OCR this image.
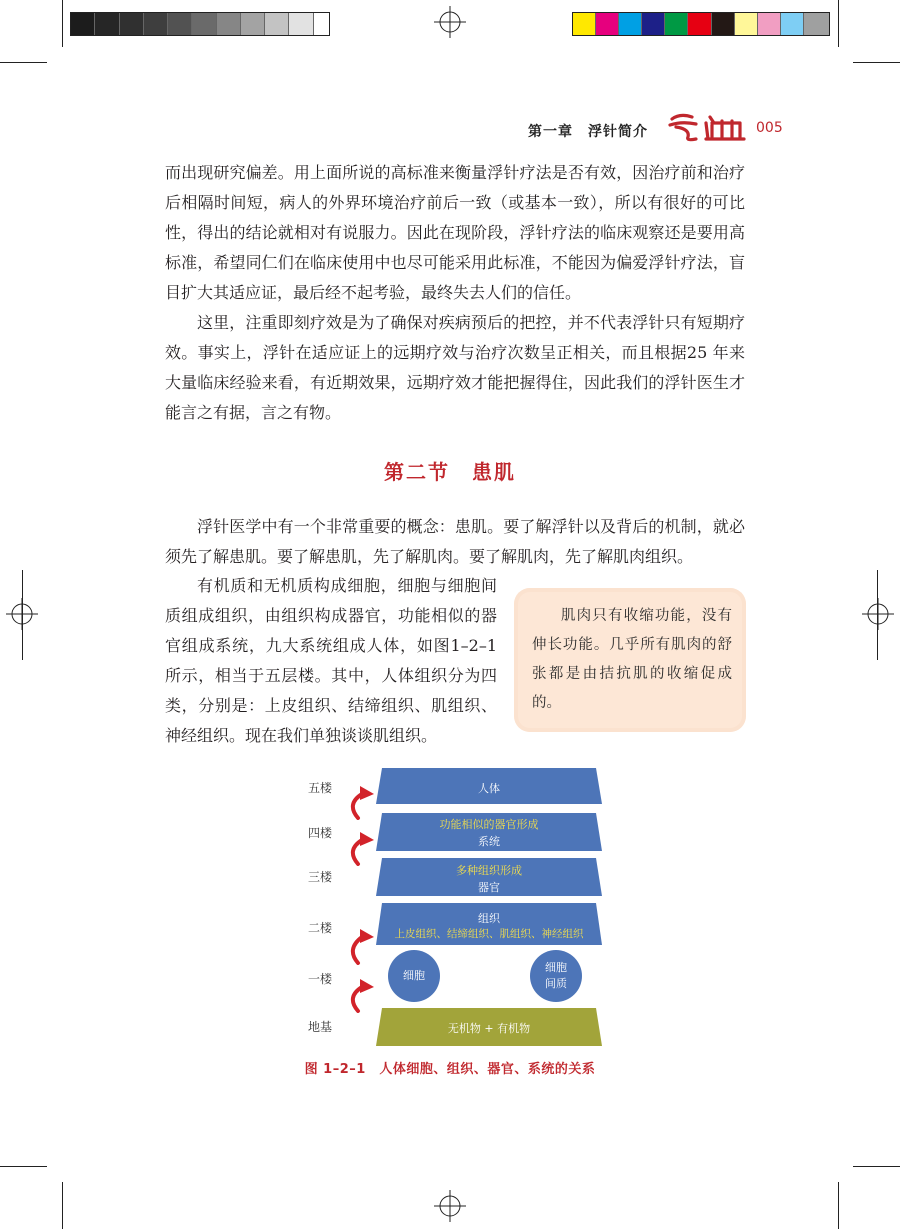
第一章　浮针简介	005
而出现研究偏差。用上面所说的高标准来衡量浮针疗法是否有效，因治疗前和治疗后相隔时间短，病人的外界环境治疗前后一致（或基本一致），所以有很好的可比性，得出的结论就相对有说服力。因此在现阶段，浮针疗法的临床观察还是要用高标准，希望同仁们在临床使用中也尽可能采用此标准，不能因为偏爱浮针疗法，盲目扩大其适应证，最后经不起考验，最终失去人们的信任。
这里，注重即刻疗效是为了确保对疾病预后的把控，并不代表浮针只有短期疗效。事实上，浮针在适应证上的远期疗效与治疗次数呈正相关，而且根据25 年来大量临床经验来看，有近期效果，远期疗效才能把握得住，因此我们的浮针医生才能言之有据，言之有物。
第二节　患肌
浮针医学中有一个非常重要的概念：患肌。要了解浮针以及背后的机制，就必须先了解患肌。要了解患肌，先了解肌肉。要了解肌肉，先了解肌肉组织。
有机质和无机质构成细胞，细胞与细胞间质组成组织，由组织构成器官，功能相似的器官组成系统，九大系统组成人体，如图1–2–1 所示，相当于五层楼。其中，人体组织分为四类，分别是：上皮组织、结缔组织、肌组织、神经组织。现在我们单独谈谈肌组织。
肌肉只有收缩功能，没有伸长功能。几乎所有肌肉的舒张都是由拮抗肌的收缩促成的。
五楼
四楼
三楼
二楼
一楼
地基
人体
功能相似的器官形成
系统
多种组织形成
器官
组织
上皮组织、结缔组织、肌组织、神经组织
细胞
细胞间质
无机物 + 有机物
图 1–2–1　人体细胞、组织、器官、系统的关系
